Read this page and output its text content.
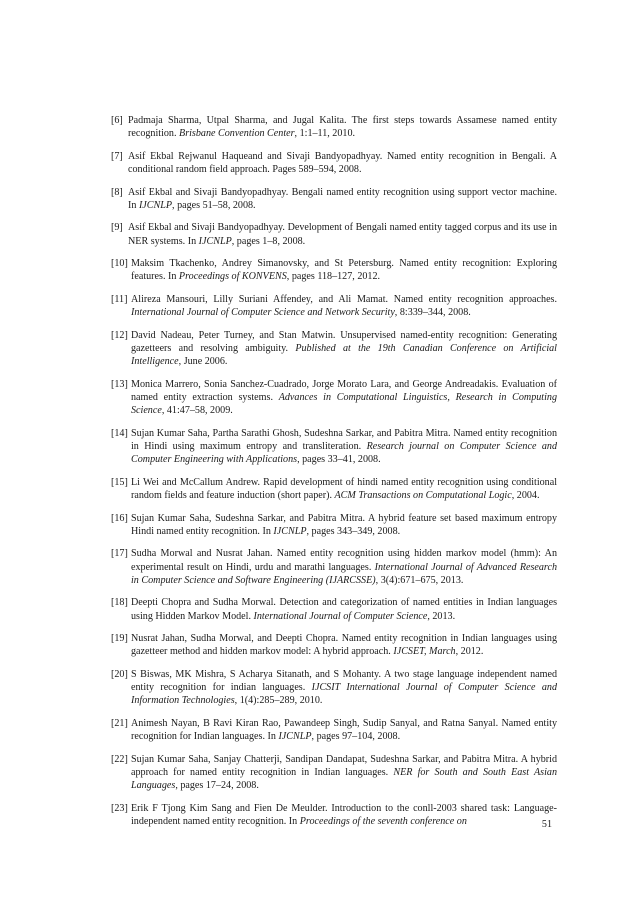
[6] Padmaja Sharma, Utpal Sharma, and Jugal Kalita. The first steps towards Assamese named entity recognition. Brisbane Convention Center, 1:1–11, 2010.
[7] Asif Ekbal Rejwanul Haqueand and Sivaji Bandyopadhyay. Named entity recognition in Bengali. A conditional random field approach. Pages 589–594, 2008.
[8] Asif Ekbal and Sivaji Bandyopadhyay. Bengali named entity recognition using support vector machine. In IJCNLP, pages 51–58, 2008.
[9] Asif Ekbal and Sivaji Bandyopadhyay. Development of Bengali named entity tagged corpus and its use in NER systems. In IJCNLP, pages 1–8, 2008.
[10] Maksim Tkachenko, Andrey Simanovsky, and St Petersburg. Named entity recognition: Exploring features. In Proceedings of KONVENS, pages 118–127, 2012.
[11] Alireza Mansouri, Lilly Suriani Affendey, and Ali Mamat. Named entity recognition approaches. International Journal of Computer Science and Network Security, 8:339–344, 2008.
[12] David Nadeau, Peter Turney, and Stan Matwin. Unsupervised named-entity recognition: Generating gazetteers and resolving ambiguity. Published at the 19th Canadian Conference on Artificial Intelligence, June 2006.
[13] Monica Marrero, Sonia Sanchez-Cuadrado, Jorge Morato Lara, and George Andreadakis. Evaluation of named entity extraction systems. Advances in Computational Linguistics, Research in Computing Science, 41:47–58, 2009.
[14] Sujan Kumar Saha, Partha Sarathi Ghosh, Sudeshna Sarkar, and Pabitra Mitra. Named entity recognition in Hindi using maximum entropy and transliteration. Research journal on Computer Science and Computer Engineering with Applications, pages 33–41, 2008.
[15] Li Wei and McCallum Andrew. Rapid development of hindi named entity recognition using conditional random fields and feature induction (short paper). ACM Transactions on Computational Logic, 2004.
[16] Sujan Kumar Saha, Sudeshna Sarkar, and Pabitra Mitra. A hybrid feature set based maximum entropy Hindi named entity recognition. In IJCNLP, pages 343–349, 2008.
[17] Sudha Morwal and Nusrat Jahan. Named entity recognition using hidden markov model (hmm): An experimental result on Hindi, urdu and marathi languages. International Journal of Advanced Research in Computer Science and Software Engineering (IJARCSSE), 3(4):671–675, 2013.
[18] Deepti Chopra and Sudha Morwal. Detection and categorization of named entities in Indian languages using Hidden Markov Model. International Journal of Computer Science, 2013.
[19] Nusrat Jahan, Sudha Morwal, and Deepti Chopra. Named entity recognition in Indian languages using gazetteer method and hidden markov model: A hybrid approach. IJCSET, March, 2012.
[20] S Biswas, MK Mishra, S Acharya Sitanath, and S Mohanty. A two stage language independent named entity recognition for indian languages. IJCSIT International Journal of Computer Science and Information Technologies, 1(4):285–289, 2010.
[21] Animesh Nayan, B Ravi Kiran Rao, Pawandeep Singh, Sudip Sanyal, and Ratna Sanyal. Named entity recognition for Indian languages. In IJCNLP, pages 97–104, 2008.
[22] Sujan Kumar Saha, Sanjay Chatterji, Sandipan Dandapat, Sudeshna Sarkar, and Pabitra Mitra. A hybrid approach for named entity recognition in Indian languages. NER for South and South East Asian Languages, pages 17–24, 2008.
[23] Erik F Tjong Kim Sang and Fien De Meulder. Introduction to the conll-2003 shared task: Language-independent named entity recognition. In Proceedings of the seventh conference on	51
